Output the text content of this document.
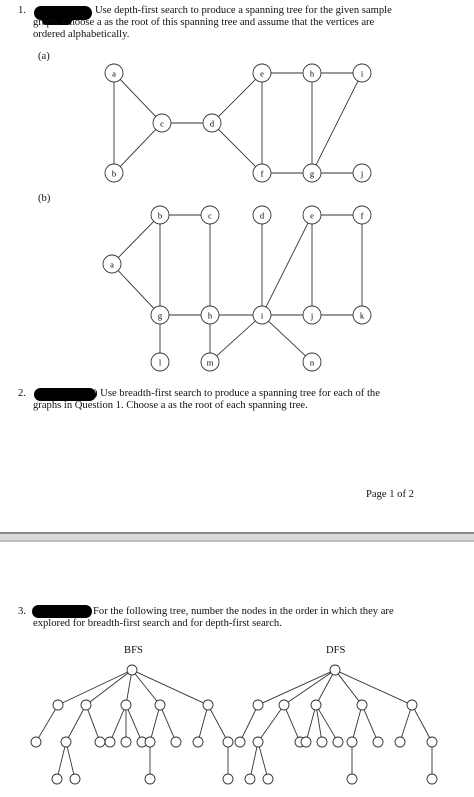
1.	Use depth-first search to produce a spanning tree for the given sample
graph. Choose a as the root of this spanning tree and assume that the vertices are
ordered alphabetically.
(a)
(b)
a
b
c	d
e
f	g
h	i
j
a
b	c	d	e	f
g	h	i	j	k
l	m	n
2.	) Use breadth-first search to produce a spanning tree for each of the
graphs in Question 1. Choose a as the root of each spanning tree.
Page 1 of 2
3.	For the following tree, number the nodes in the order in which they are
explored for breadth-first search and for depth-first search.
BFS	DFS
